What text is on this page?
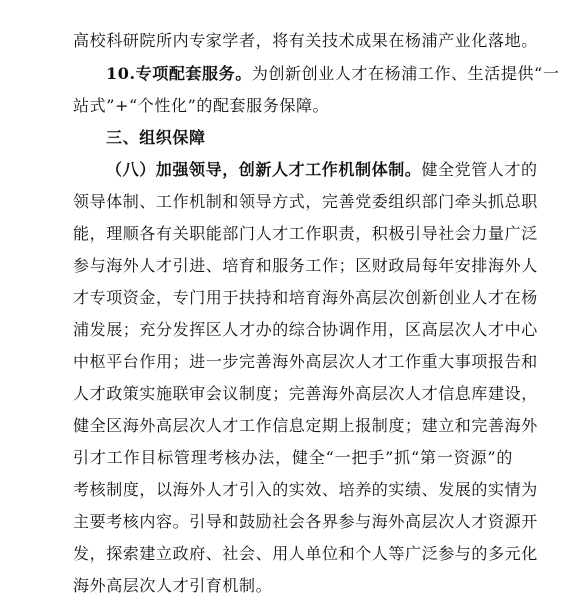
高校科研院所内专家学者，将有关技术成果在杨浦产业化落地。
10.专项配套服务。为创新创业人才在杨浦工作、生活提供“一
站式”+“个性化”的配套服务保障。
三、组织保障
（八）加强领导，创新人才工作机制体制。健全党管人才的
领导体制、工作机制和领导方式，完善党委组织部门牵头抓总职
能，理顺各有关职能部门人才工作职责，积极引导社会力量广泛
参与海外人才引进、培育和服务工作；区财政局每年安排海外人
才专项资金，专门用于扶持和培育海外高层次创新创业人才在杨
浦发展；充分发挥区人才办的综合协调作用，区高层次人才中心
中枢平台作用；进一步完善海外高层次人才工作重大事项报告和
人才政策实施联审会议制度；完善海外高层次人才信息库建设，
健全区海外高层次人才工作信息定期上报制度；建立和完善海外
引才工作目标管理考核办法，健全“一把手”抓“第一资源”的
考核制度，以海外人才引入的实效、培养的实绩、发展的实情为
主要考核内容。引导和鼓励社会各界参与海外高层次人才资源开
发，探索建立政府、社会、用人单位和个人等广泛参与的多元化
海外高层次人才引育机制。
